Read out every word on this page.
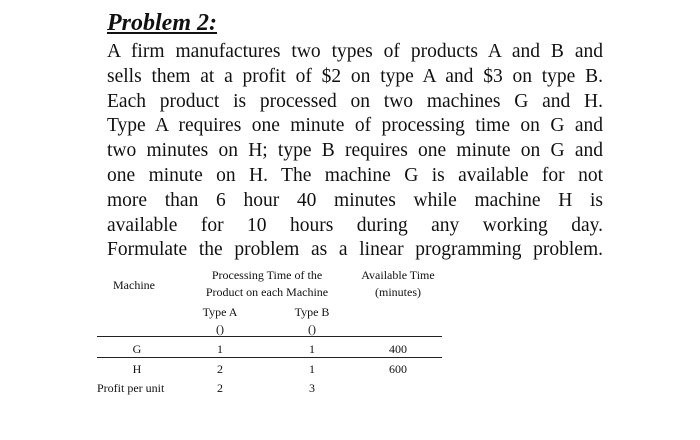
Problem 2:
A firm manufactures two types of products A and B and
sells them at a profit of $2 on type A and $3 on type B.
Each product is processed on two machines G and H.
Type A requires one minute of processing time on G and
two minutes on H; type B requires one minute on G and
one minute on H. The machine G is available for not
more than 6 hour 40 minutes while machine H is
available for 10 hours during any working day.
Formulate the problem as a linear programming problem.
Machine
Processing Time of the
Product on each Machine
Available Time
(minutes)
Type A	Type B
()	()
G	1	1	400
H	2	1	600
Profit per unit	2	3
